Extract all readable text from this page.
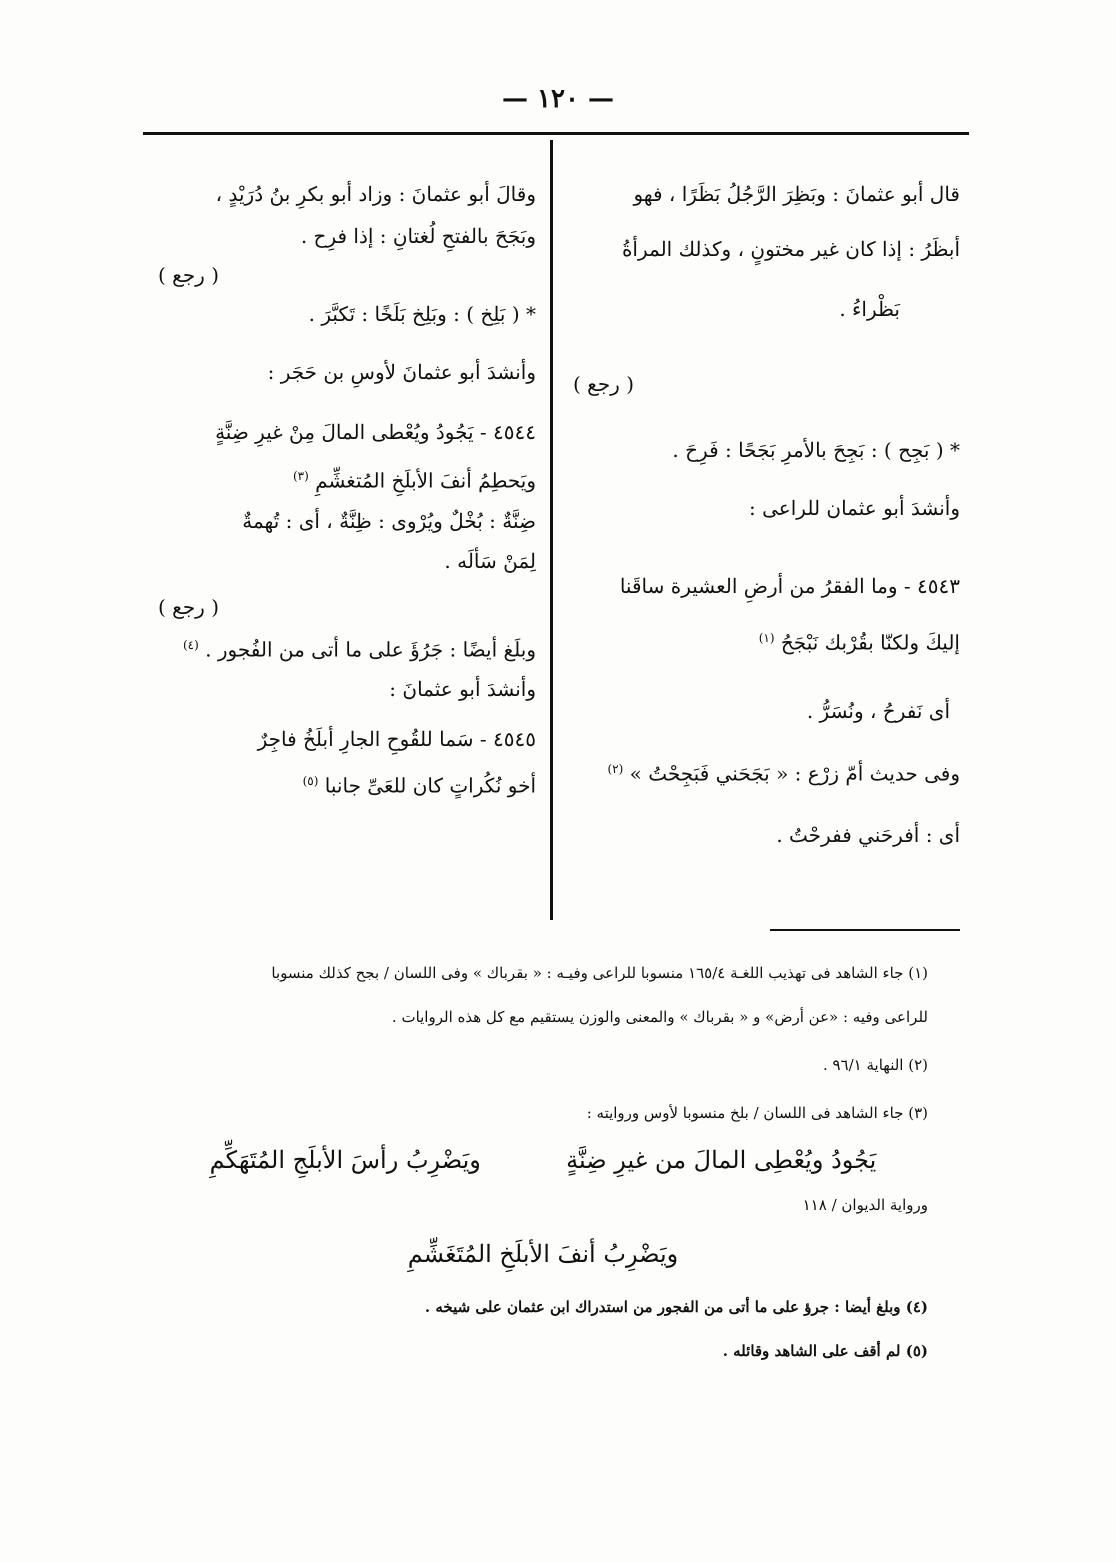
— ١٢٠ —
قال أبو عثمانَ : وبَظِرَ الرَّجُلُ بَظَرًا ، فهو
أبظَرُ : إذا كان غير مختونٍ ، وكذلك المرأةُ
بَظْراءُ .
( رجع )
* ( بَجِح ) : بَجِحَ بالأمرِ بَجَحًا : فَرِحَ .
وأنشدَ أبو عثمان للراعى :
٤٥٤٣ - وما الفقرُ من أرضِ العشيرة ساقَنا
إليكَ ولكنّا بقُرْبك نَبْجَحُ $^{(١)}$
أى نَفرحُ ، ونُسَرُّ .
وفى حديث أمّ زرْع : « بَجَحَني فَبَجِحْتُ » $^{(٢)}$
أى : أفرحَني ففرحْتُ .
وقالَ أبو عثمانَ : وزاد أبو بكرِ بنُ دُرَيْدٍ ،
وبَجَحَ بالفتحِ لُغتانِ : إذا فرِح .
( رجع )
* ( بَلِخ ) : وبَلِخ بَلَخًا : تَكبَّرَ .
وأنشدَ أبو عثمانَ لأوسِ بن حَجَر :
٤٥٤٤ - يَجُودُ ويُعْطى المالَ مِنْ غيرِ ضِنَّةٍ
ويَحطِمُ أنفَ الأبلَخِ المُتغشِّمِ $^{(٣)}$
ضِنَّةٌ : بُخْلٌ ويُرْوى : ظِنَّةٌ ، أى : تُهمةٌ
لِمَنْ سَألَه .
( رجع )
وبلَغ أيضًا : جَرُؤَ على ما أتى من الفُجور . $^{(٤)}$
وأنشدَ أبو عثمانَ :
٤٥٤٥ - سَما للقُوحِ الجارِ أبلَخُ فاجِرٌ
أخو نُكُراتٍ كان للعَىِّ جانبا $^{(٥)}$
(١) جاء الشاهد فى تهذيب اللغـة ١٦٥/٤ منسوبا للراعى وفيـه : « بقرباك » وفى اللسان / بجح كذلك منسوبا
للراعى وفيه : «عن أرض» و « بقرباك » والمعنى والوزن يستقيم مع كل هذه الروايات .
(٢) النهاية ٩٦/١ .
(٣) جاء الشاهد فى اللسان / بلخ منسوبا لأوس وروايته :
يَجُودُ ويُعْطِى المالَ من غيرِ ضِنَّةٍ  ويَضْرِبُ رأسَ الأبلَجِ المُتَهَكِّمِ
ورواية الديوان / ١١٨
ويَضْرِبُ أنفَ الأبلَخِ المُتَغَشِّمِ
(٤) وبلغ أيضا : جرؤ على ما أتى من الفجور من استدراك ابن عثمان على شيخه .
(٥) لم أقف على الشاهد وقائله .
